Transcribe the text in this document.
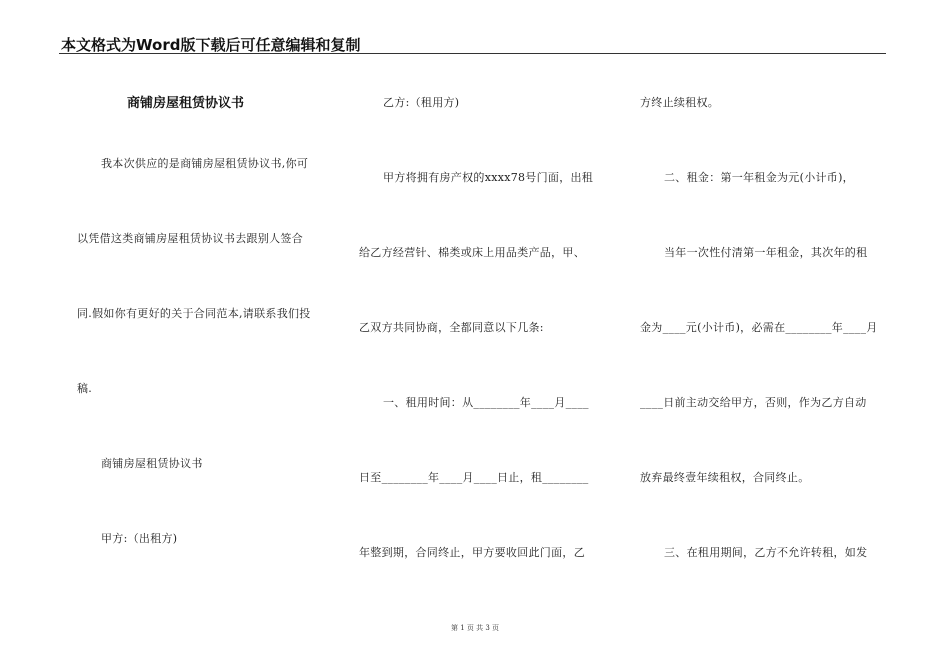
本文格式为Word版下载后可任意编辑和复制
商铺房屋租赁协议书
我本次供应的是商铺房屋租赁协议书,你可
以凭借这类商铺房屋租赁协议书去跟别人签合
同.假如你有更好的关于合同范本,请联系我们投
稿.
商铺房屋租赁协议书
甲方:（出租方)
乙方:（租用方)
甲方将拥有房产权的xxxx78号门面，出租
给乙方经营针、棉类或床上用品类产品，甲、
乙双方共同协商，全都同意以下几条:
一、租用时间：从________年____月____
日至________年____月____日止，租________
年整到期，合同终止，甲方要收回此门面，乙
方终止续租权。
二、租金：第一年租金为元(小计币)，
当年一次性付清第一年租金，其次年的租
金为____元(小计币)，必需在________年____月
____日前主动交给甲方，否则，作为乙方自动
放弃最终壹年续租权，合同终止。
三、在租用期间，乙方不允许转租，如发
第 1 页 共 3 页
